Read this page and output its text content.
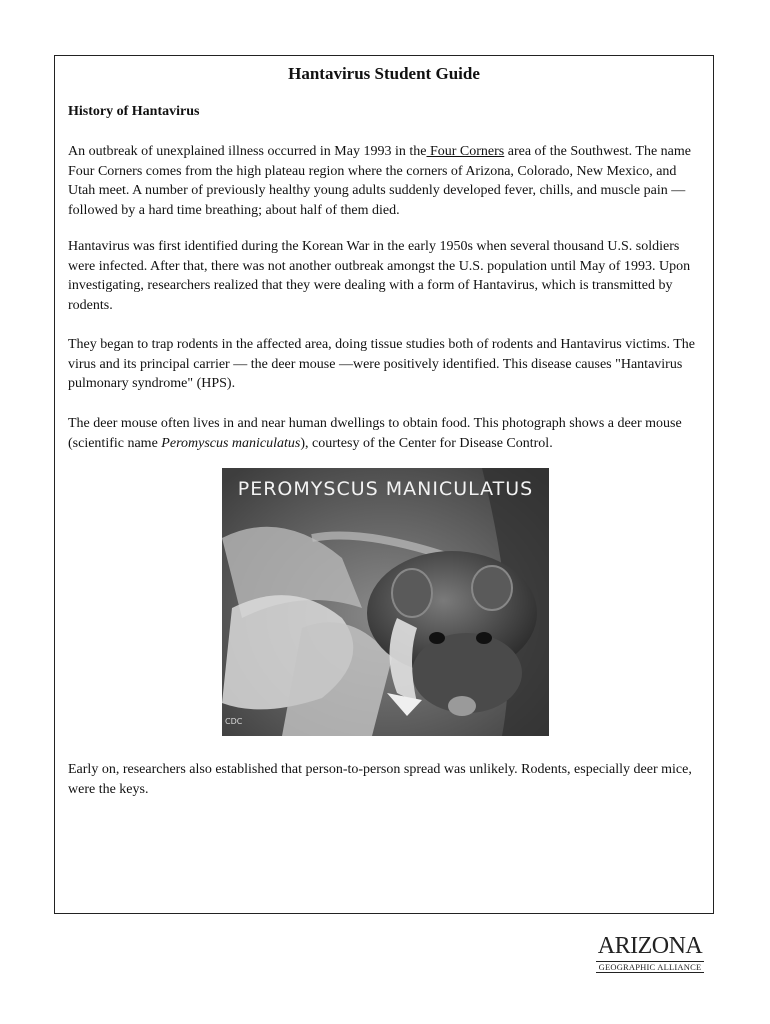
Hantavirus Student Guide
History of Hantavirus

An outbreak of unexplained illness occurred in May 1993 in the Four Corners area of the Southwest. The name Four Corners comes from the high plateau region where the corners of Arizona, Colorado, New Mexico, and Utah meet. A number of previously healthy young adults suddenly developed fever, chills, and muscle pain — followed by a hard time breathing; about half of them died.

Hantavirus was first identified during the Korean War in the early 1950s when several thousand U.S. soldiers were infected. After that, there was not another outbreak amongst the U.S. population until May of 1993. Upon investigating, researchers realized that they were dealing with a form of Hantavirus, which is transmitted by rodents.

They began to trap rodents in the affected area, doing tissue studies both of rodents and Hantavirus victims. The virus and its principal carrier — the deer mouse —were positively identified. This disease causes "Hantavirus pulmonary syndrome" (HPS).

The deer mouse often lives in and near human dwellings to obtain food. This photograph shows a deer mouse (scientific name Peromyscus maniculatus), courtesy of the Center for Disease Control.

PEROMYSCUS MANICULATUS
CDC

Early on, researchers also established that person-to-person spread was unlikely. Rodents, especially deer mice, were the keys.

ARIZONA
GEOGRAPHIC ALLIANCE
